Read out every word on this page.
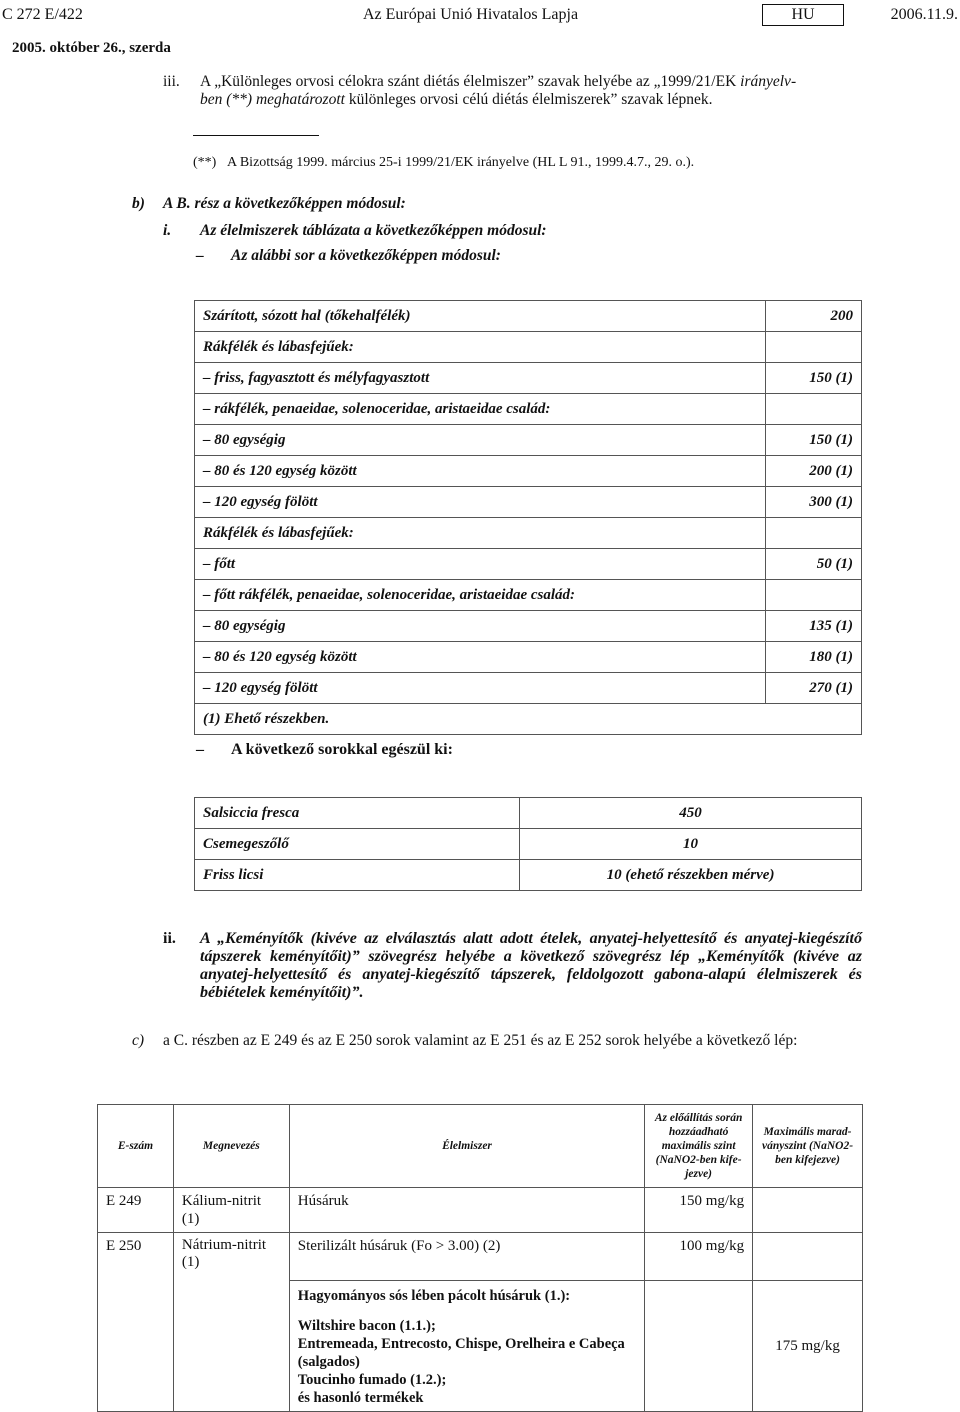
C 272 E/422	Az Európai Unió Hivatalos Lapja	HU	2006.11.9.
2005. október 26., szerda
iii. A „Különleges orvosi célokra szánt diétás élelmiszer” szavak helyébe az „1999/21/EK irányelv-
ben (**) meghatározott különleges orvosi célú diétás élelmiszerek” szavak lépnek.
(**) A Bizottság 1999. március 25-i 1999/21/EK irányelve (HL L 91., 1999.4.7., 29. o.).
b) A B. rész a következőképpen módosul:
i. Az élelmiszerek táblázata a következőképpen módosul:
– Az alábbi sor a következőképpen módosul:
Szárított, sózott hal (tőkehalfélék)	200
Rákfélék és lábasfejűek:	
– friss, fagyasztott és mélyfagyasztott	150 (1)
– rákfélék, penaeidae, solenoceridae, aristaeidae család:	
– 80 egységig	150 (1)
– 80 és 120 egység között	200 (1)
– 120 egység fölött	300 (1)
Rákfélék és lábasfejűek:	
– főtt	50 (1)
– főtt rákfélék, penaeidae, solenoceridae, aristaeidae család:	
– 80 egységig	135 (1)
– 80 és 120 egység között	180 (1)
– 120 egység fölött	270 (1)
(1) Ehető részekben.	
– A következő sorokkal egészül ki:
Salsiccia fresca	450
Csemegeszőlő	10
Friss licsi	10 (ehető részekben mérve)
ii. A „Keményítők (kivéve az elválasztás alatt adott ételek, anyatej-helyettesítő és anyatej-kiegészítő tápszerek keményítőit)” szövegrész helyébe a következő szövegrész lép „Keményítők (kivéve az anyatej-helyettesítő és anyatej-kiegészítő tápszerek, feldolgozott gabona-alapú élelmiszerek és bébiételek keményítőit)”.
c) a C. részben az E 249 és az E 250 sorok valamint az E 251 és az E 252 sorok helyébe a következő lép:
E-szám	Megnevezés	Élelmiszer	Az előállítás során hozzáadható maximális szint (NaNO2-ben kifejezve)	Maximális maradványszint (NaNO2-ben kifejezve)
E 249	Kálium-nitrit (1)	Húsáruk	150 mg/kg	
E 250	Nátrium-nitrit (1)	Sterilizált húsáruk (Fo > 3.00) (2)	100 mg/kg	

		Hagyományos sós lében pácolt húsáruk (1.):
Wiltshire bacon (1.1.);
Entremeada, Entrecosto, Chispe, Orelheira e Cabeça (salgados)
Toucinho fumado (1.2.);
és hasonló termékek		175 mg/kg
